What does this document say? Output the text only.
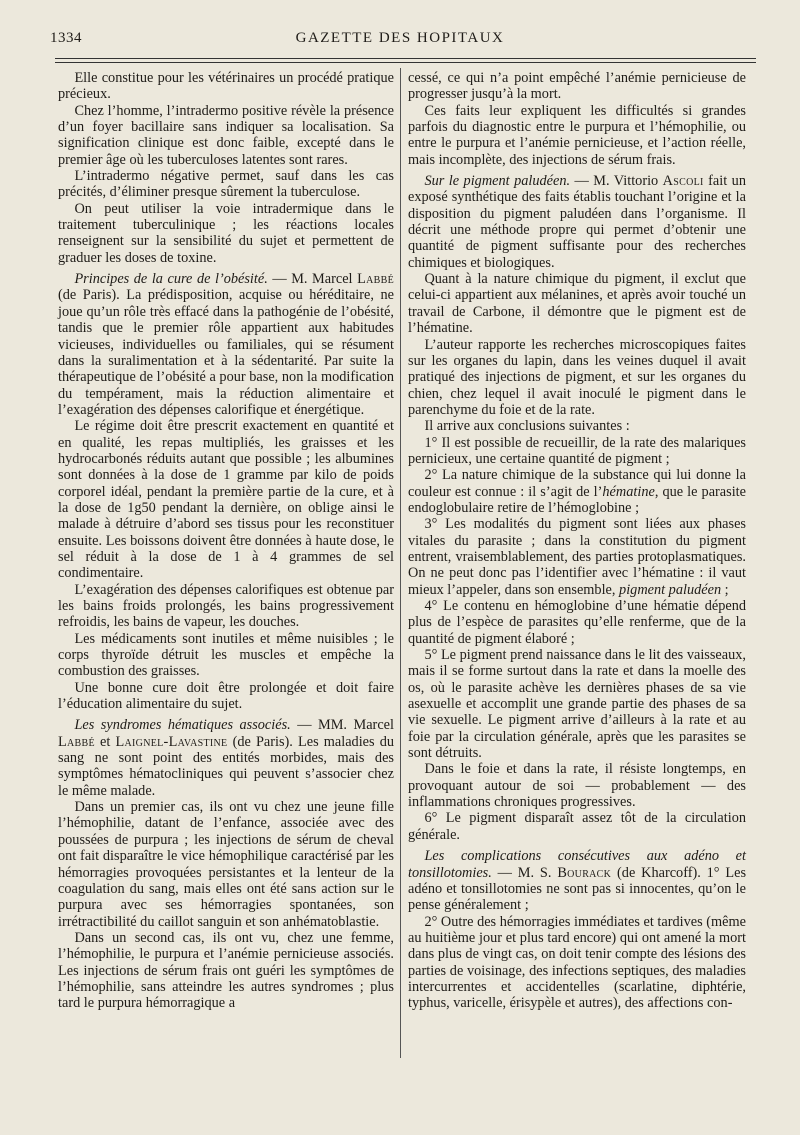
1334	GAZETTE DES HOPITAUX

Elle constitue pour les vétérinaires un procédé pratique précieux.

Chez l’homme, l’intradermo positive révèle la présence d’un foyer bacillaire sans indiquer sa localisation. Sa signification clinique est donc faible, excepté dans le premier âge où les tuberculoses latentes sont rares.

L’intradermo négative permet, sauf dans les cas précités, d’éliminer presque sûrement la tuberculose.

On peut utiliser la voie intradermique dans le traitement tuberculinique ; les réactions locales renseignent sur la sensibilité du sujet et permettent de graduer les doses de toxine.

Principes de la cure de l’obésité. — M. Marcel Labbé (de Paris). La prédisposition, acquise ou héréditaire, ne joue qu’un rôle très effacé dans la pathogénie de l’obésité, tandis que le premier rôle appartient aux habitudes vicieuses, individuelles ou familiales, qui se résument dans la suralimentation et à la sédentarité. Par suite la thérapeutique de l’obésité a pour base, non la modification du tempérament, mais la réduction alimentaire et l’exagération des dépenses calorifique et énergétique.

Le régime doit être prescrit exactement en quantité et en qualité, les repas multipliés, les graisses et les hydrocarbonés réduits autant que possible ; les albumines sont données à la dose de 1 gramme par kilo de poids corporel idéal, pendant la première partie de la cure, et à la dose de 1g50 pendant la dernière, on oblige ainsi le malade à détruire d’abord ses tissus pour les reconstituer ensuite. Les boissons doivent être données à haute dose, le sel réduit à la dose de 1 à 4 grammes de sel condimentaire.

L’exagération des dépenses calorifiques est obtenue par les bains froids prolongés, les bains progressivement refroidis, les bains de vapeur, les douches.

Les médicaments sont inutiles et même nuisibles ; le corps thyroïde détruit les muscles et empêche la combustion des graisses.

Une bonne cure doit être prolongée et doit faire l’éducation alimentaire du sujet.

Les syndromes hématiques associés. — MM. Marcel Labbé et Laignel-Lavastine (de Paris). Les maladies du sang ne sont point des entités morbides, mais des symptômes hématocliniques qui peuvent s’associer chez le même malade.

Dans un premier cas, ils ont vu chez une jeune fille l’hémophilie, datant de l’enfance, associée avec des poussées de purpura ; les injections de sérum de cheval ont fait disparaître le vice hémophilique caractérisé par les hémorragies provoquées persistantes et la lenteur de la coagulation du sang, mais elles ont été sans action sur le purpura avec ses hémorragies spontanées, son irrétractibilité du caillot sanguin et son anhématoblastie.

Dans un second cas, ils ont vu, chez une femme, l’hémophilie, le purpura et l’anémie pernicieuse associés. Les injections de sérum frais ont guéri les symptômes de l’hémophilie, sans atteindre les autres syndromes ; plus tard le purpura hémorragique a

cessé, ce qui n’a point empêché l’anémie pernicieuse de progresser jusqu’à la mort.

Ces faits leur expliquent les difficultés si grandes parfois du diagnostic entre le purpura et l’hémophilie, ou entre le purpura et l’anémie pernicieuse, et l’action réelle, mais incomplète, des injections de sérum frais.

Sur le pigment paludéen. — M. Vittorio Ascoli fait un exposé synthétique des faits établis touchant l’origine et la disposition du pigment paludéen dans l’organisme. Il décrit une méthode propre qui permet d’obtenir une quantité de pigment suffisante pour des recherches chimiques et biologiques.

Quant à la nature chimique du pigment, il exclut que celui-ci appartient aux mélanines, et après avoir touché un travail de Carbone, il démontre que le pigment est de l’hématine.

L’auteur rapporte les recherches microscopiques faites sur les organes du lapin, dans les veines duquel il avait pratiqué des injections de pigment, et sur les organes du chien, chez lequel il avait inoculé le pigment dans le parenchyme du foie et de la rate.

Il arrive aux conclusions suivantes :

1° Il est possible de recueillir, de la rate des malariques pernicieux, une certaine quantité de pigment ;

2° La nature chimique de la substance qui lui donne la couleur est connue : il s’agit de l’hématine, que le parasite endoglobulaire retire de l’hémoglobine ;

3° Les modalités du pigment sont liées aux phases vitales du parasite ; dans la constitution du pigment entrent, vraisemblablement, des parties protoplasmatiques. On ne peut donc pas l’identifier avec l’hématine : il vaut mieux l’appeler, dans son ensemble, pigment paludéen ;

4° Le contenu en hémoglobine d’une hématie dépend plus de l’espèce de parasites qu’elle renferme, que de la quantité de pigment élaboré ;

5° Le pigment prend naissance dans le lit des vaisseaux, mais il se forme surtout dans la rate et dans la moelle des os, où le parasite achève les dernières phases de sa vie asexuelle et accomplit une grande partie des phases de sa vie sexuelle. Le pigment arrive d’ailleurs à la rate et au foie par la circulation générale, après que les parasites se sont détruits.

Dans le foie et dans la rate, il résiste longtemps, en provoquant autour de soi — probablement — des inflammations chroniques progressives.

6° Le pigment disparaît assez tôt de la circulation générale.

Les complications consécutives aux adéno et tonsillotomies. — M. S. Bourack (de Kharcoff). 1° Les adéno et tonsillotomies ne sont pas si innocentes, qu’on le pense généralement ;

2° Outre des hémorragies immédiates et tardives (même au huitième jour et plus tard encore) qui ont amené la mort dans plus de vingt cas, on doit tenir compte des lésions des parties de voisinage, des infections septiques, des maladies intercurrentes et accidentelles (scarlatine, diphtérie, typhus, varicelle, érisypèle et autres), des affections con-
